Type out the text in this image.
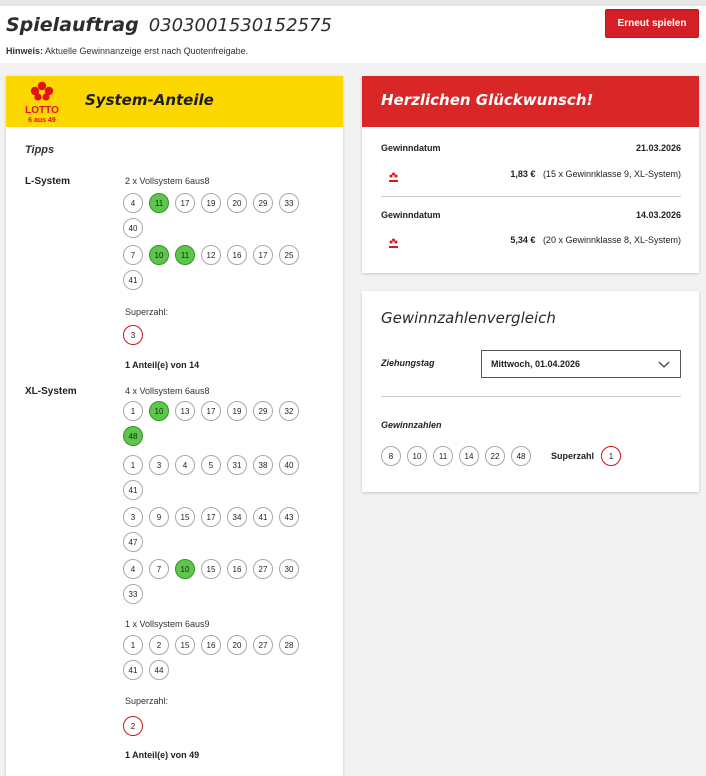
Spielauftrag 0303001530152575
Hinweis: Aktuelle Gewinnanzeige erst nach Quotenfreigabe.
Erneut spielen
LOTTO
6 aus 49
System-Anteile
Tipps
L-System	2 x Vollsystem 6aus8
4	11	17	19	20	29	33
40
7	10	11	12	16	17	25
41
Superzahl:
3
1 Anteil(e) von 14
XL-System	4 x Vollsystem 6aus8
1	10	13	17	19	29	32
48
1	3	4	5	31	38	40
41
3	9	15	17	34	41	43
47
4	7	10	15	16	27	30
33
1 x Vollsystem 6aus9
1	2	15	16	20	27	28
41	44
Superzahl:
2
1 Anteil(e) von 49
Herzlichen Glückwunsch!
Gewinndatum	21.03.2026
1,83 € (15 x Gewinnklasse 9, XL-System)
Gewinndatum	14.03.2026
5,34 € (20 x Gewinnklasse 8, XL-System)
Gewinnzahlenvergleich
Ziehungstag	Mittwoch, 01.04.2026
Gewinnzahlen
8	10	11	14	22	48	Superzahl	1
